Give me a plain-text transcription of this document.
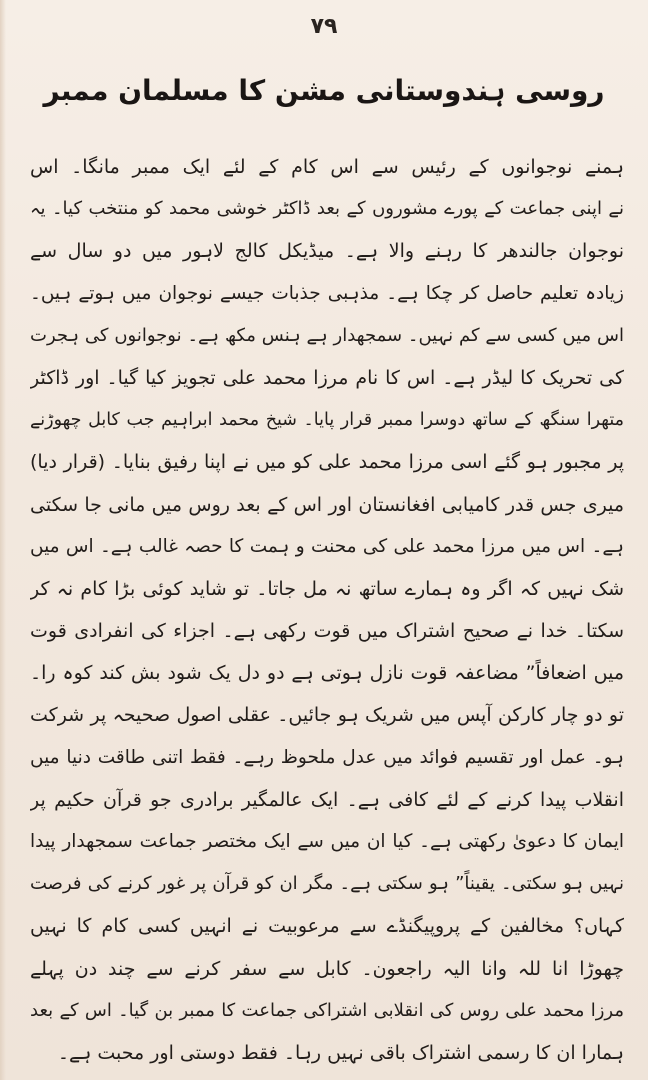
۷۹
روسی ہندوستانی مشن کا مسلمان ممبر
ہمنے نوجوانوں کے رئیس سے اس کام کے لئے ایک ممبر مانگا۔ اس
نے اپنی جماعت کے پورے مشوروں کے بعد ڈاکٹر خوشی محمد کو منتخب کیا۔ یہ
نوجوان جالندھر کا رہنے والا ہے۔ میڈیکل کالج لاہور میں دو سال سے
زیادہ تعلیم حاصل کر چکا ہے۔ مذہبی جذبات جیسے نوجوان میں ہوتے ہیں۔
اس میں کسی سے کم نہیں۔ سمجھدار ہے ہنس مکھ ہے۔ نوجوانوں کی ہجرت
کی تحریک کا لیڈر ہے۔ اس کا نام مرزا محمد علی تجویز کیا گیا۔ اور ڈاکٹر
متھرا سنگھ کے ساتھ دوسرا ممبر قرار پایا۔ شیخ محمد ابراہیم جب کابل چھوڑنے
پر مجبور ہو گئے اسی مرزا محمد علی کو میں نے اپنا رفیق بنایا۔ (قرار دیا)
میری جس قدر کامیابی افغانستان اور اس کے بعد روس میں مانی جا سکتی
ہے۔ اس میں مرزا محمد علی کی محنت و ہمت کا حصہ غالب ہے۔ اس میں
شک نہیں کہ اگر وہ ہمارے ساتھ نہ مل جاتا۔ تو شاید کوئی بڑا کام نہ کر
سکتا۔ خدا نے صحیح اشتراک میں قوت رکھی ہے۔ اجزاء کی انفرادی قوت
میں اضعافاً” مضاعفہ قوت نازل ہوتی ہے دو دل یک شود بش کند کوہ را۔
تو دو چار کارکن آپس میں شریک ہو جائیں۔ عقلی اصول صحیحہ پر شرکت
ہو۔ عمل اور تقسیم فوائد میں عدل ملحوظ رہے۔ فقط اتنی طاقت دنیا میں
انقلاب پیدا کرنے کے لئے کافی ہے۔ ایک عالمگیر برادری جو قرآن حکیم پر
ایمان کا دعویٰ رکھتی ہے۔ کیا ان میں سے ایک مختصر جماعت سمجھدار پیدا
نہیں ہو سکتی۔ یقیناً” ہو سکتی ہے۔ مگر ان کو قرآن پر غور کرنے کی فرصت
کہاں؟ مخالفین کے پروپیگنڈے سے مرعوبیت نے انہیں کسی کام کا نہیں
چھوڑا انا للہ وانا الیہ راجعون۔ کابل سے سفر کرنے سے چند دن پہلے
مرزا محمد علی روس کی انقلابی اشتراکی جماعت کا ممبر بن گیا۔ اس کے بعد
ہمارا ان کا رسمی اشتراک باقی نہیں رہا۔ فقط دوستی اور محبت ہے۔
